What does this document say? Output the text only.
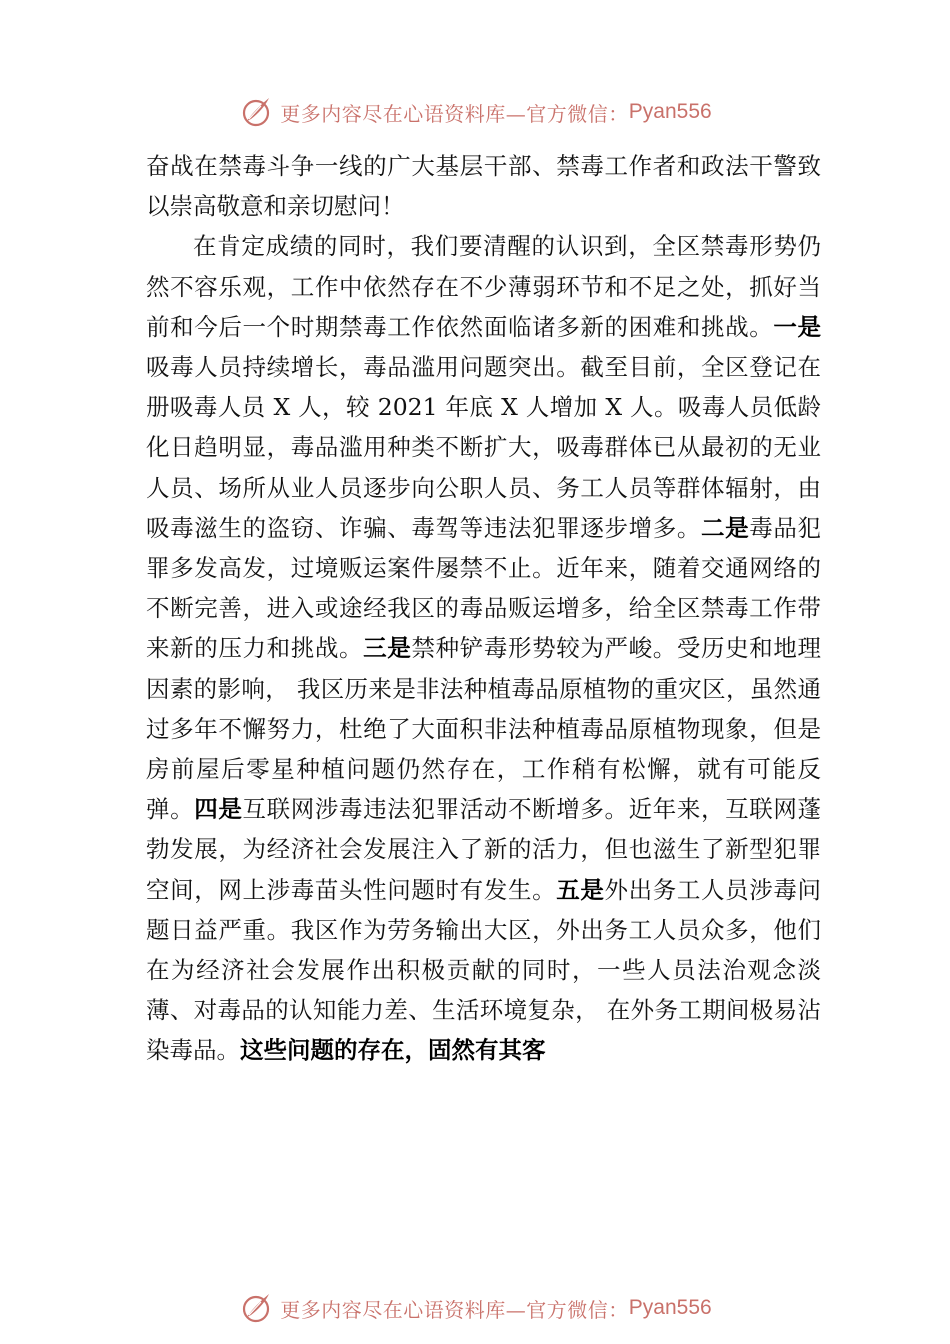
更多内容尽在心语资料库—官方微信： Pyan556

奋战在禁毒斗争一线的广大基层干部、禁毒工作者和政法干警致以崇高敬意和亲切慰问！

在肯定成绩的同时，我们要清醒的认识到，全区禁毒形势仍然不容乐观，工作中依然存在不少薄弱环节和不足之处，抓好当前和今后一个时期禁毒工作依然面临诸多新的困难和挑战。一是吸毒人员持续增长，毒品滥用问题突出。截至目前，全区登记在册吸毒人员 X 人，较 2021 年底 X 人增加 X 人。吸毒人员低龄化日趋明显，毒品滥用种类不断扩大，吸毒群体已从最初的无业人员、场所从业人员逐步向公职人员、务工人员等群体辐射，由吸毒滋生的盗窃、诈骗、毒驾等违法犯罪逐步增多。二是毒品犯罪多发高发，过境贩运案件屡禁不止。近年来，随着交通网络的不断完善，进入或途经我区的毒品贩运增多，给全区禁毒工作带来新的压力和挑战。三是禁种铲毒形势较为严峻。受历史和地理因素的影响， 我区历来是非法种植毒品原植物的重灾区，虽然通过多年不懈努力，杜绝了大面积非法种植毒品原植物现象，但是房前屋后零星种植问题仍然存在，工作稍有松懈，就有可能反弹。四是互联网涉毒违法犯罪活动不断增多。近年来，互联网蓬勃发展，为经济社会发展注入了新的活力，但也滋生了新型犯罪空间，网上涉毒苗头性问题时有发生。五是外出务工人员涉毒问题日益严重。我区作为劳务输出大区，外出务工人员众多，他们在为经济社会发展作出积极贡献的同时，一些人员法治观念淡薄、对毒品的认知能力差、生活环境复杂， 在外务工期间极易沾染毒品。这些问题的存在，固然有其客

更多内容尽在心语资料库—官方微信： Pyan556
